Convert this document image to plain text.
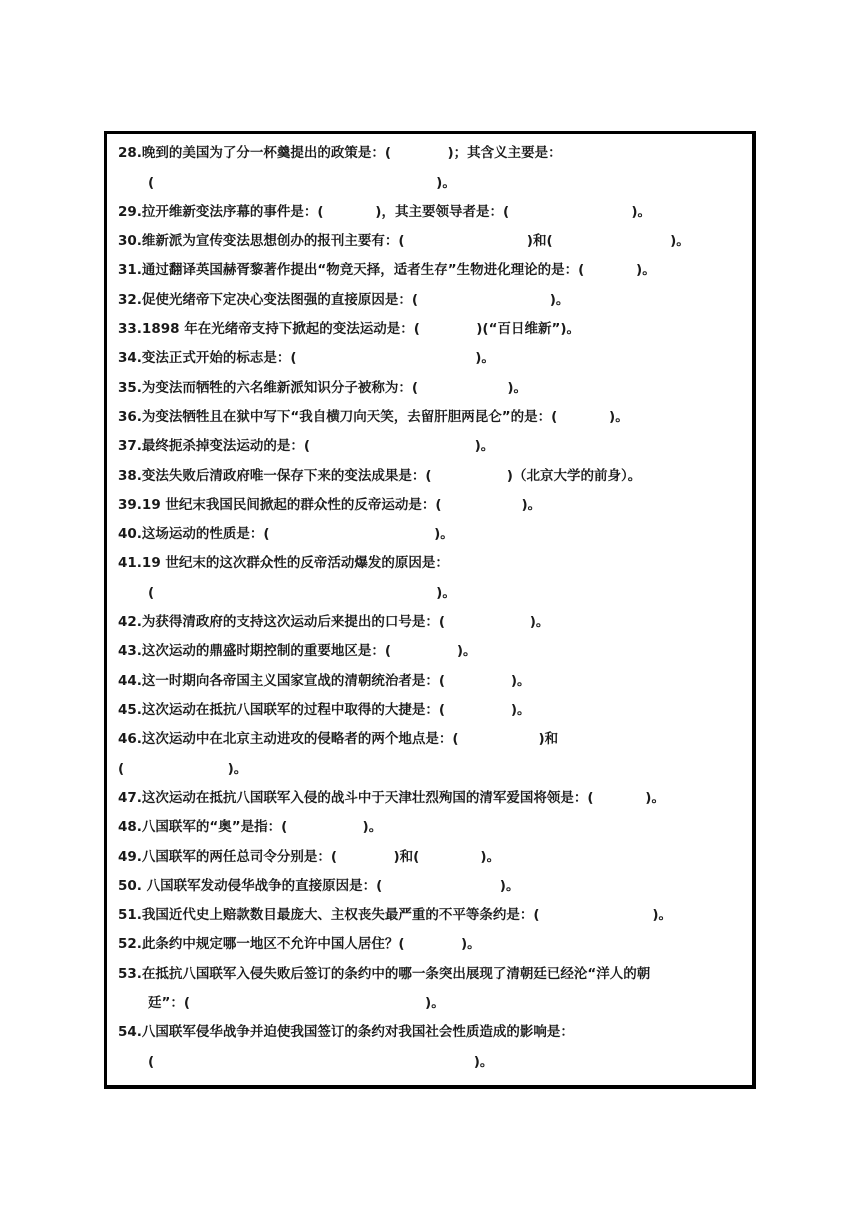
28.晚到的美国为了分一杯羹提出的政策是：(            )；其含义主要是：
(                                                            )。
29.拉开维新变法序幕的事件是：(           )，其主要领导者是：(                          )。
30.维新派为宣传变法思想创办的报刊主要有：(                          )和(                         )。
31.通过翻译英国赫胥黎著作提出“物竞天择，适者生存”生物进化理论的是：(           )。
32.促使光绪帝下定决心变法图强的直接原因是：(                            )。
33.1898 年在光绪帝支持下掀起的变法运动是：(            )(“百日维新”)。
34.变法正式开始的标志是：(                                      )。
35.为变法而牺牲的六名维新派知识分子被称为：(                   )。
36.为变法牺牲且在狱中写下“我自横刀向天笑，去留肝胆两昆仑”的是：(           )。
37.最终扼杀掉变法运动的是：(                                   )。
38.变法失败后清政府唯一保存下来的变法成果是：(                )（北京大学的前身）。
39.19 世纪末我国民间掀起的群众性的反帝运动是：(                 )。
40.这场运动的性质是：(                                   )。
41.19 世纪末的这次群众性的反帝活动爆发的原因是：
(                                                            )。
42.为获得清政府的支持这次运动后来提出的口号是：(                  )。
43.这次运动的鼎盛时期控制的重要地区是：(              )。
44.这一时期向各帝国主义国家宣战的清朝统治者是：(              )。
45.这次运动在抵抗八国联军的过程中取得的大捷是：(              )。
46.这次运动中在北京主动进攻的侵略者的两个地点是：(                 )和
(                      )。
47.这次运动在抵抗八国联军入侵的战斗中于天津壮烈殉国的清军爱国将领是：(           )。
48.八国联军的“奥”是指：(                )。
49.八国联军的两任总司令分别是：(            )和(             )。
50. 八国联军发动侵华战争的直接原因是：(                         )。
51.我国近代史上赔款数目最庞大、主权丧失最严重的不平等条约是：(                        )。
52.此条约中规定哪一地区不允许中国人居住？(            )。
53.在抵抗八国联军入侵失败后签订的条约中的哪一条突出展现了清朝廷已经沦“洋人的朝
廷”：(                                                  )。
54.八国联军侵华战争并迫使我国签订的条约对我国社会性质造成的影响是：
(                                                                    )。
